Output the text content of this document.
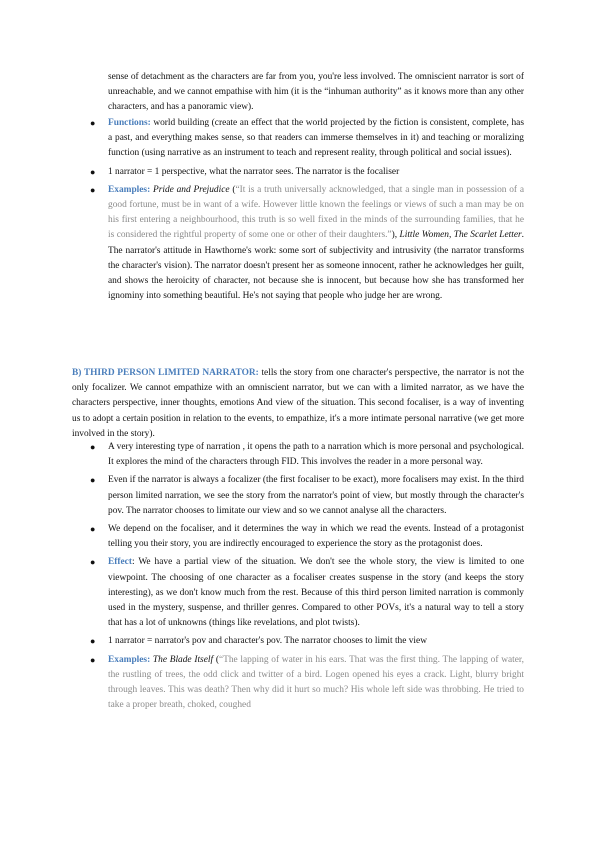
sense of detachment as the characters are far from you, you're less involved. The omniscient narrator is sort of unreachable, and we cannot empathise with him (it is the “inhuman authority” as it knows more than any other characters, and has a panoramic view).

● Functions: world building (create an effect that the world projected by the fiction is consistent, complete, has a past, and everything makes sense, so that readers can immerse themselves in it) and teaching or moralizing function (using narrative as an instrument to teach and represent reality, through political and social issues).
● 1 narrator = 1 perspective, what the narrator sees. The narrator is the focaliser
● Examples: Pride and Prejudice (“It is a truth universally acknowledged, that a single man in possession of a good fortune, must be in want of a wife. However little known the feelings or views of such a man may be on his first entering a neighbourhood, this truth is so well fixed in the minds of the surrounding families, that he is considered the rightful property of some one or other of their daughters.”), Little Women, The Scarlet Letter. The narrator's attitude in Hawthorne's work: some sort of subjectivity and intrusivity (the narrator transforms the character's vision). The narrator doesn't present her as someone innocent, rather he acknowledges her guilt, and shows the heroicity of character, not because she is innocent, but because how she has transformed her ignominy into something beautiful. He's not saying that people who judge her are wrong.

B) THIRD PERSON LIMITED NARRATOR: tells the story from one character's perspective, the narrator is not the only focalizer. We cannot empathize with an omniscient narrator, but we can with a limited narrator, as we have the characters perspective, inner thoughts, emotions And view of the situation. This second focaliser, is a way of inventing us to adopt a certain position in relation to the events, to empathize, it's a more intimate personal narrative (we get more involved in the story).

● A very interesting type of narration , it opens the path to a narration which is more personal and psychological. It explores the mind of the characters through FID. This involves the reader in a more personal way.
● Even if the narrator is always a focalizer (the first focaliser to be exact), more focalisers may exist. In the third person limited narration, we see the story from the narrator's point of view, but mostly through the character's pov. The narrator chooses to limitate our view and so we cannot analyse all the characters.
● We depend on the focaliser, and it determines the way in which we read the events. Instead of a protagonist telling you their story, you are indirectly encouraged to experience the story as the protagonist does.
● Effect: We have a partial view of the situation. We don't see the whole story, the view is limited to one viewpoint. The choosing of one character as a focaliser creates suspense in the story (and keeps the story interesting), as we don't know much from the rest. Because of this third person limited narration is commonly used in the mystery, suspense, and thriller genres. Compared to other POVs, it's a natural way to tell a story that has a lot of unknowns (things like revelations, and plot twists).
● 1 narrator = narrator's pov and character's pov. The narrator chooses to limit the view
● Examples: The Blade Itself (“The lapping of water in his ears. That was the first thing. The lapping of water, the rustling of trees, the odd click and twitter of a bird. Logen opened his eyes a crack. Light, blurry bright through leaves. This was death? Then why did it hurt so much? His whole left side was throbbing. He tried to take a proper breath, choked, coughed
